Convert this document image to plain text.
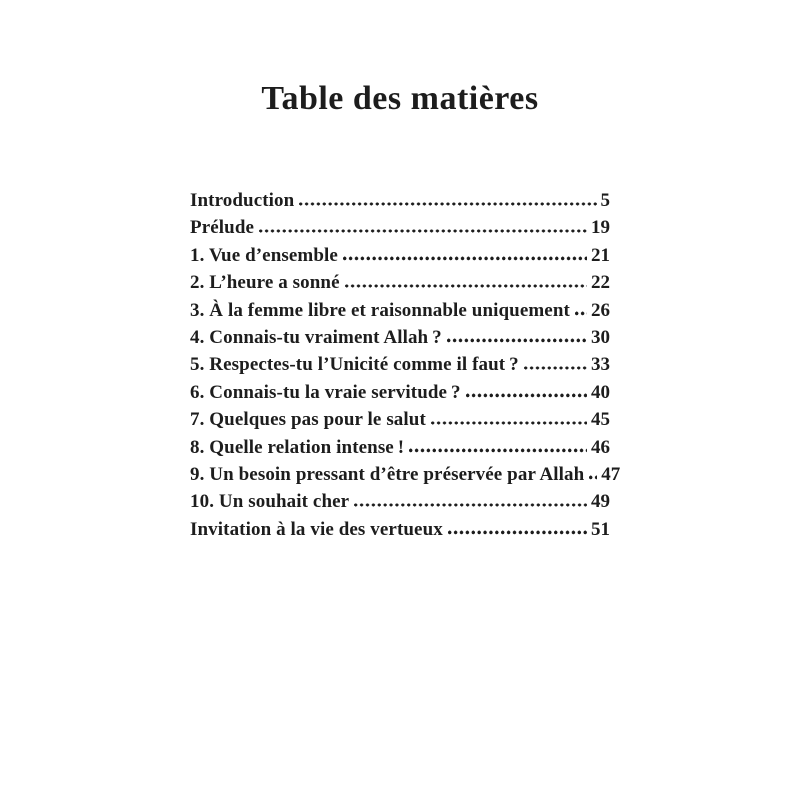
Table des matières
Introduction	5
Prélude	19
1. Vue d’ensemble	21
2. L’heure a sonné	22
3. À la femme libre et raisonnable uniquement 26
4. Connais-tu vraiment Allah ?	30
5. Respectes-tu l’Unicité comme il faut ?	33
6. Connais-tu la vraie servitude ?	40
7. Quelques pas pour le salut	45
8. Quelle relation intense !	46
9. Un besoin pressant d’être préservée par Allah 47
10. Un souhait cher	49
Invitation à la vie des vertueux	51
